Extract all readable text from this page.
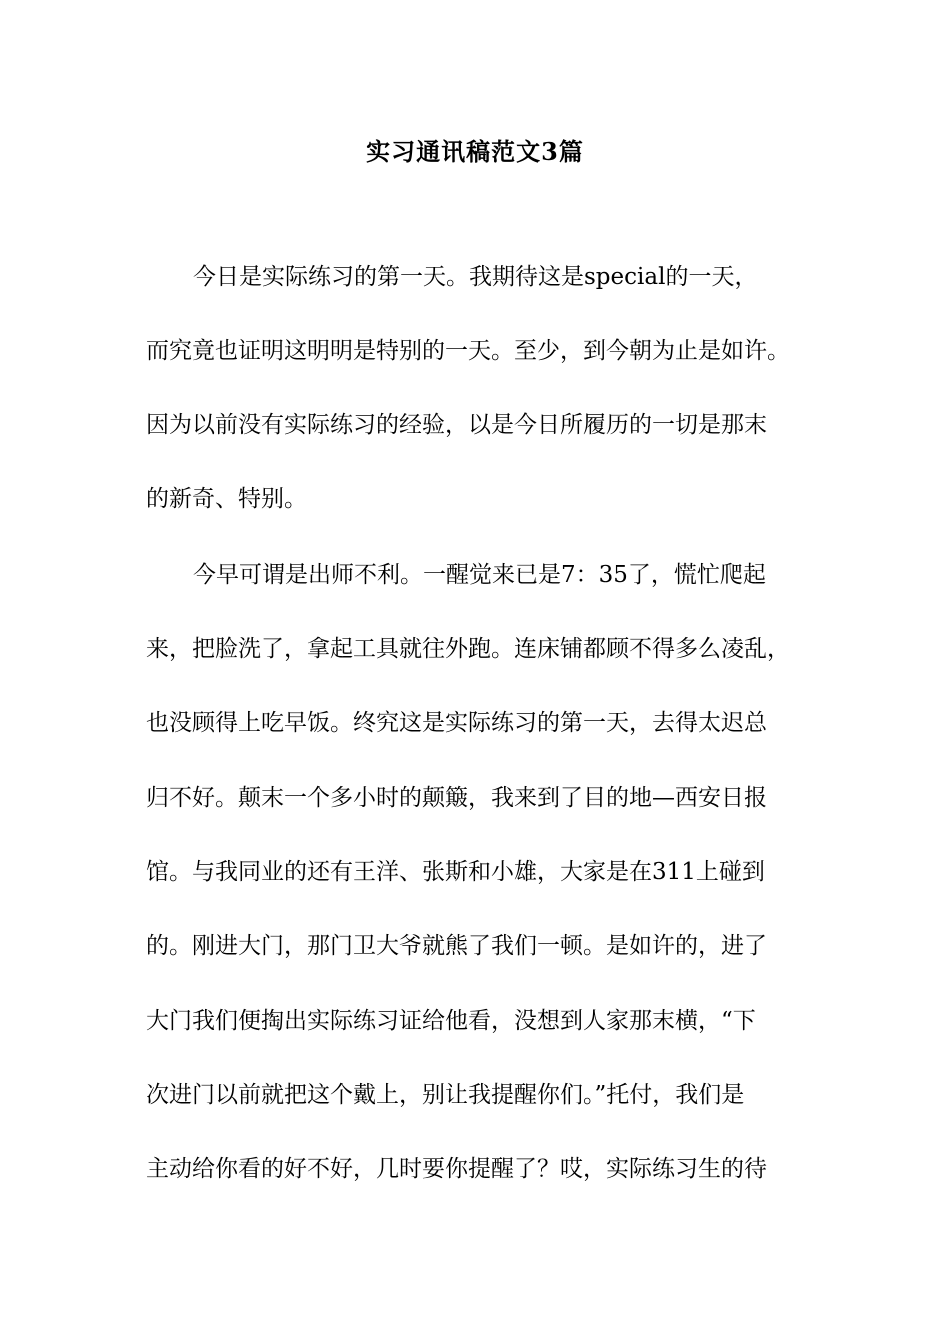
实习通讯稿范文3篇
今日是实际练习的第一天。我期待这是special的一天，
而究竟也证明这明明是特别的一天。至少，到今朝为止是如许。
因为以前没有实际练习的经验，以是今日所履历的一切是那末
的新奇、特别。
今早可谓是出师不利。一醒觉来已是7：35了，慌忙爬起
来，把脸洗了，拿起工具就往外跑。连床铺都顾不得多么凌乱，
也没顾得上吃早饭。终究这是实际练习的第一天，去得太迟总
归不好。颠末一个多小时的颠簸，我来到了目的地—西安日报
馆。与我同业的还有王洋、张斯和小雄，大家是在311上碰到
的。刚进大门，那门卫大爷就熊了我们一顿。是如许的，进了
大门我们便掏出实际练习证给他看，没想到人家那末横，“下
次进门以前就把这个戴上，别让我提醒你们。”托付，我们是
主动给你看的好不好，几时要你提醒了？哎，实际练习生的待
